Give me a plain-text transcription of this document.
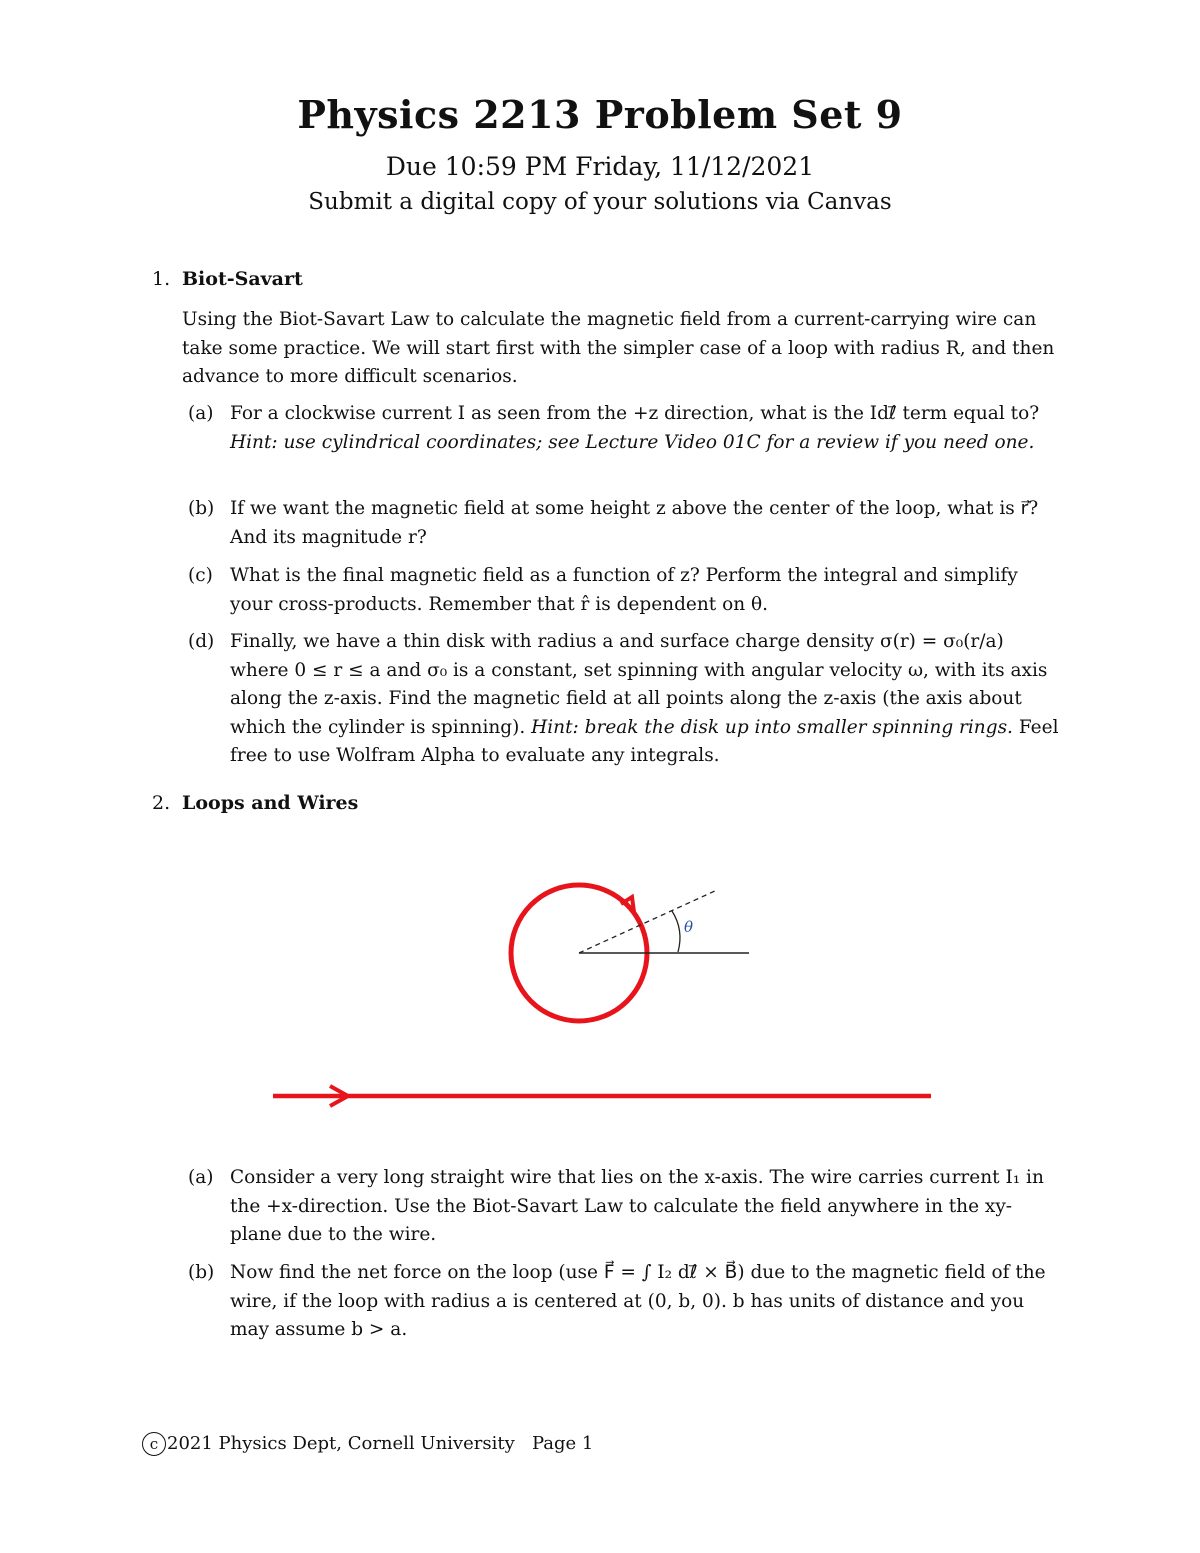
Physics 2213 Problem Set 9
Due 10:59 PM Friday, 11/12/2021
Submit a digital copy of your solutions via Canvas
1. Biot-Savart
Using the Biot-Savart Law to calculate the magnetic field from a current-carrying wire can take some practice. We will start first with the simpler case of a loop with radius R, and then advance to more difficult scenarios.
(a) For a clockwise current I as seen from the +z direction, what is the Idℓ⃗ term equal to? Hint: use cylindrical coordinates; see Lecture Video 01C for a review if you need one.
(b) If we want the magnetic field at some height z above the center of the loop, what is r⃗? And its magnitude r?
(c) What is the final magnetic field as a function of z? Perform the integral and simplify your cross-products. Remember that r̂ is dependent on θ.
(d) Finally, we have a thin disk with radius a and surface charge density σ(r) = σ₀(r/a) where 0 ≤ r ≤ a and σ₀ is a constant, set spinning with angular velocity ω, with its axis along the z-axis. Find the magnetic field at all points along the z-axis (the axis about which the cylinder is spinning). Hint: break the disk up into smaller spinning rings. Feel free to use Wolfram Alpha to evaluate any integrals.
2. Loops and Wires
θ
(a) Consider a very long straight wire that lies on the x-axis. The wire carries current I₁ in the +x-direction. Use the Biot-Savart Law to calculate the field anywhere in the xy-plane due to the wire.
(b) Now find the net force on the loop (use F⃗ = ∫ I₂ dℓ⃗ × B⃗) due to the magnetic field of the wire, if the loop with radius a is centered at (0, b, 0). b has units of distance and you may assume b > a.
c 2021 Physics Dept, Cornell University Page 1
